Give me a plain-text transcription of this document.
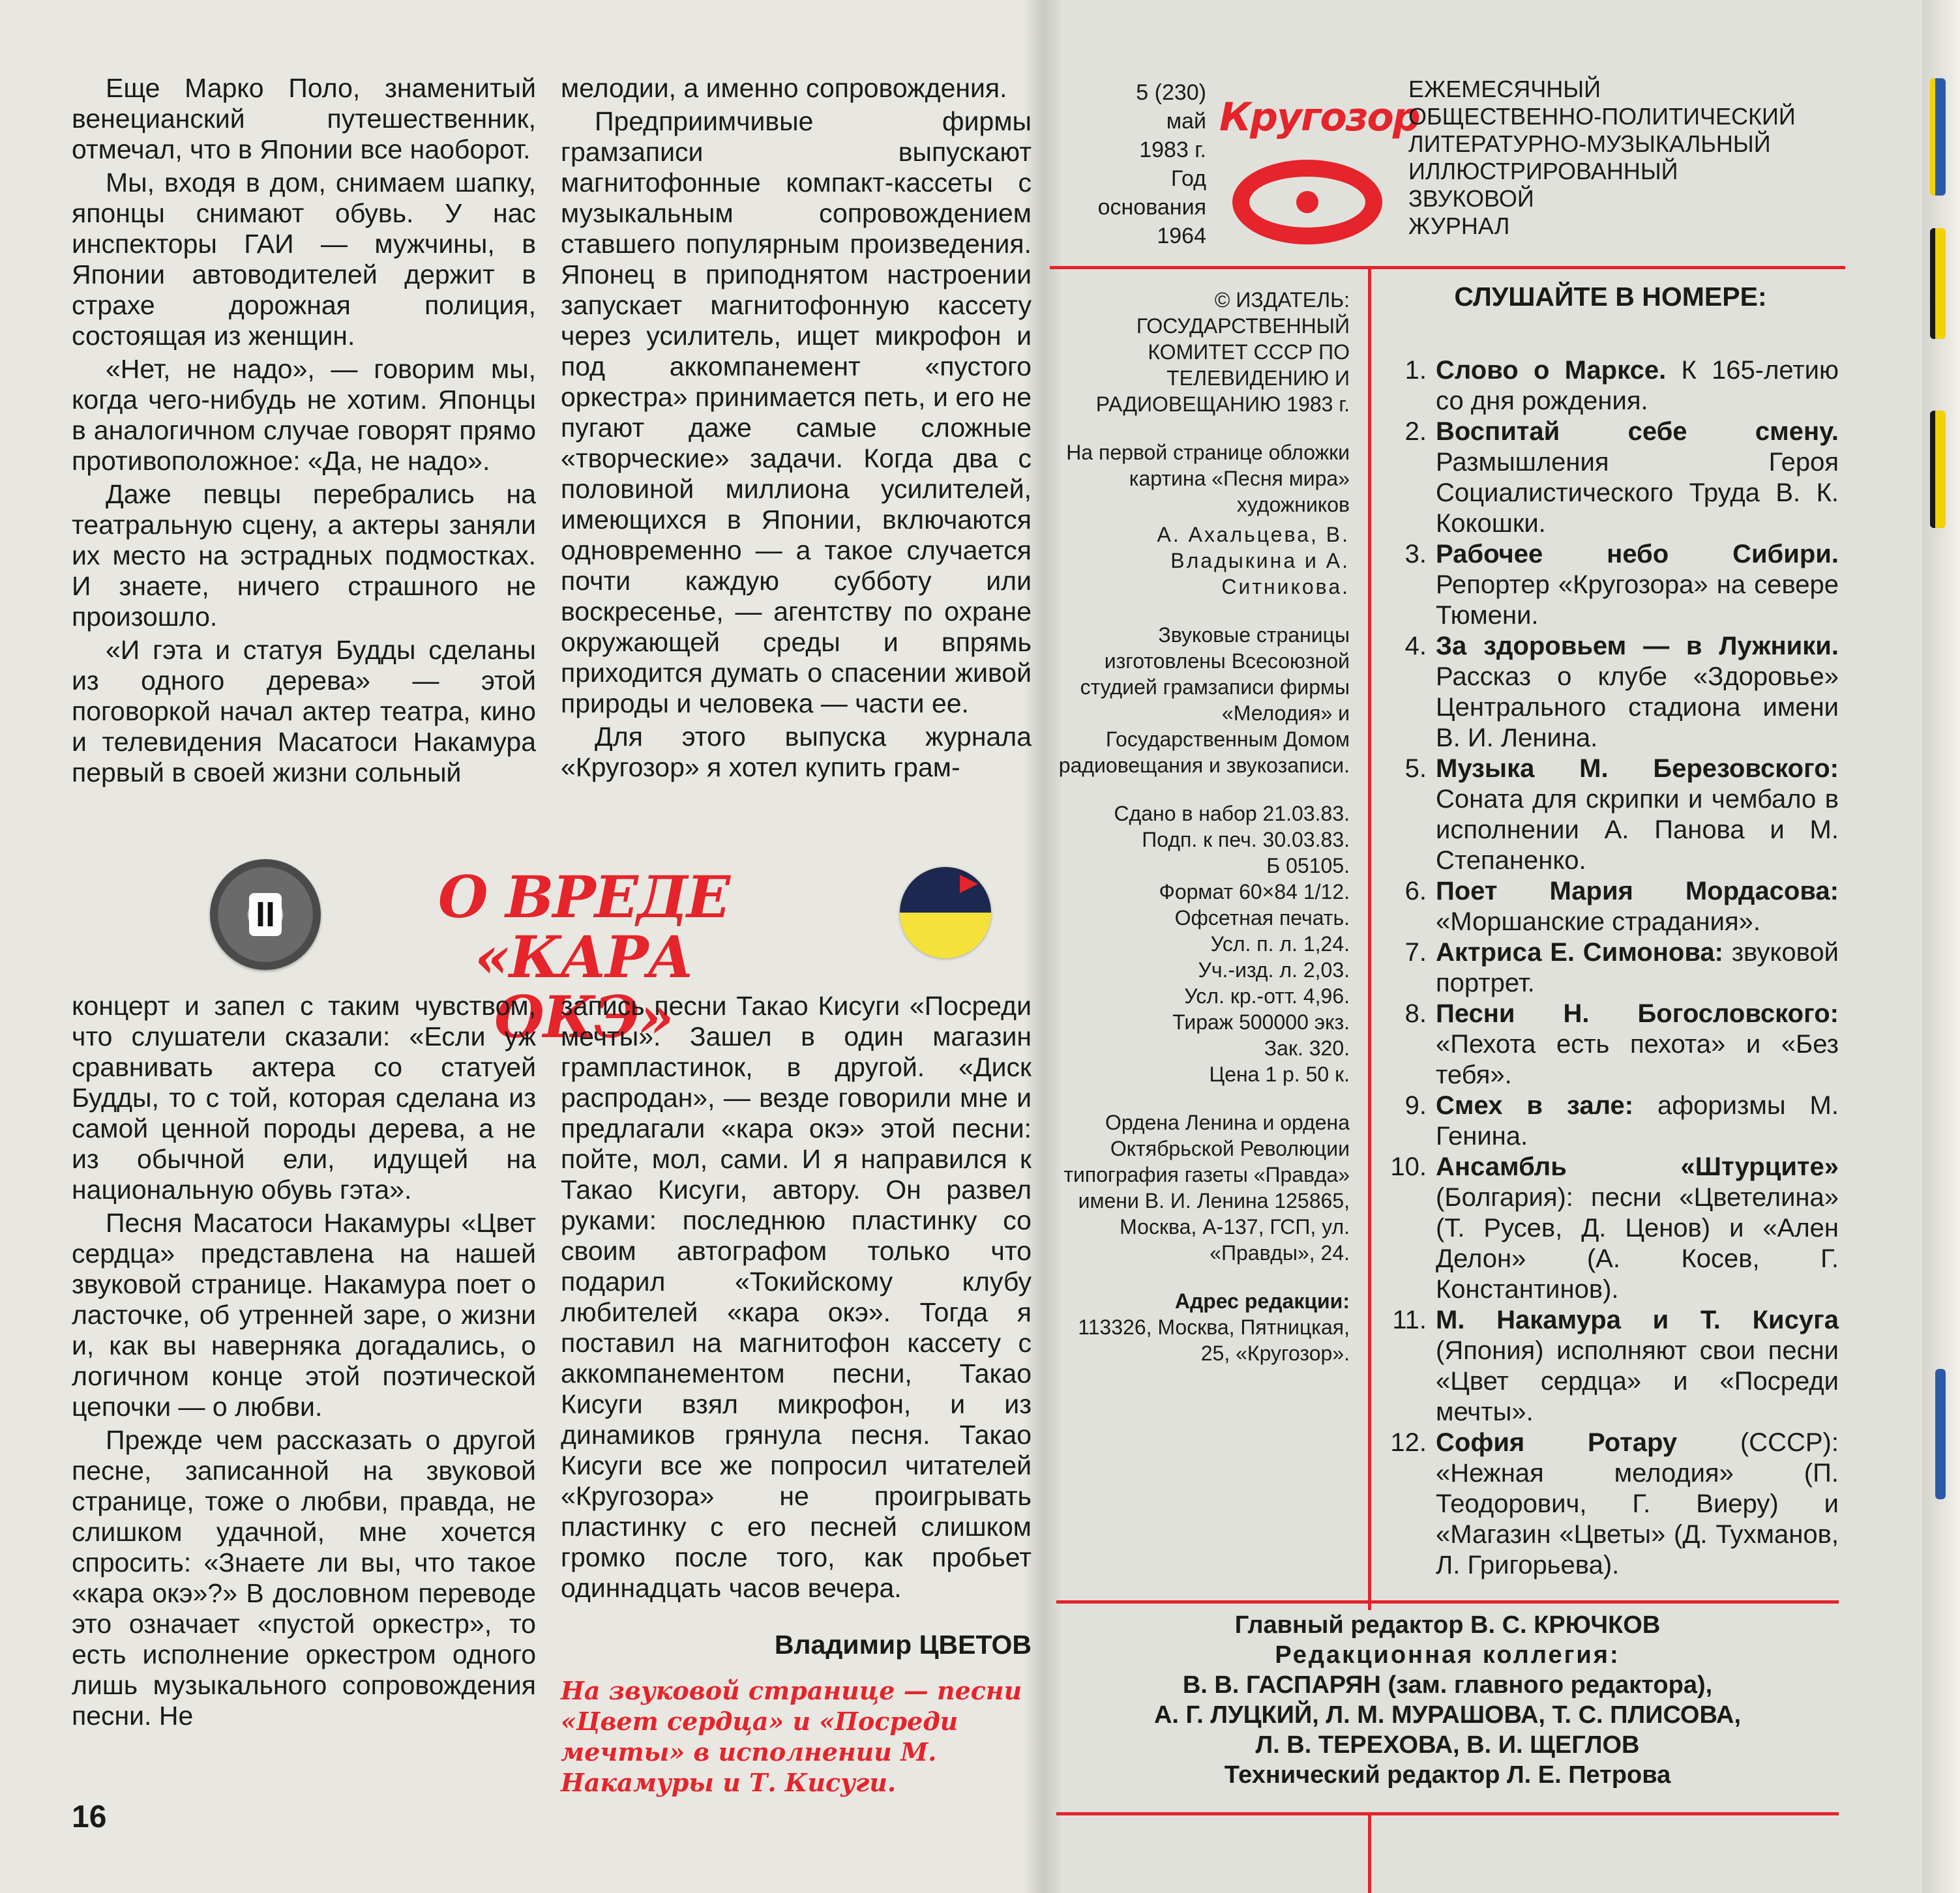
Еще Марко Поло, знаменитый венецианский путешественник, отмечал, что в Японии все наоборот.

Мы, входя в дом, снимаем шапку, японцы снимают обувь. У нас инспекторы ГАИ — мужчины, в Японии автоводителей держит в страхе дорожная полиция, состоящая из женщин.

«Нет, не надо», — говорим мы, когда чего-нибудь не хотим. Японцы в аналогичном случае говорят прямо противоположное: «Да, не надо».

Даже певцы перебрались на театральную сцену, а актеры заняли их место на эстрадных подмостках. И знаете, ничего страшного не произошло.

«И гэта и статуя Будды сделаны из одного дерева» — этой поговоркой начал актер театра, кино и телевидения Масатоси Накамура первый в своей жизни сольный

мелодии, а именно сопровождения.

Предприимчивые фирмы грамзаписи выпускают магнитофонные компакт-кассеты с музыкальным сопровождением ставшего популярным произведения. Японец в приподнятом настроении запускает магнитофонную кассету через усилитель, ищет микрофон и под аккомпанемент «пустого оркестра» принимается петь, и его не пугают даже самые сложные «творческие» задачи. Когда два с половиной миллиона усилителей, имеющихся в Японии, включаются одновременно — а такое случается почти каждую субботу или воскресенье, — агентству по охране окружающей среды и впрямь приходится думать о спасении живой природы и человека — части ее.

Для этого выпуска журнала «Кругозор» я хотел купить грам-

II	О ВРЕДЕ
«КАРА ОКЭ»

концерт и запел с таким чувством, что слушатели сказали: «Если уж сравнивать актера со статуей Будды, то с той, которая сделана из самой ценной породы дерева, а не из обычной ели, идущей на национальную обувь гэта».

Песня Масатоси Накамуры «Цвет сердца» представлена на нашей звуковой странице. Накамура поет о ласточке, об утренней заре, о жизни и, как вы наверняка догадались, о логичном конце этой поэтической цепочки — о любви.

Прежде чем рассказать о другой песне, записанной на звуковой странице, тоже о любви, правда, не слишком удачной, мне хочется спросить: «Знаете ли вы, что такое «кара окэ»?» В дословном переводе это означает «пустой оркестр», то есть исполнение оркестром одного лишь музыкального сопровождения песни. Не

запись песни Такао Кисуги «Посреди мечты». Зашел в один магазин грампластинок, в другой. «Диск распродан», — везде говорили мне и предлагали «кара окэ» этой песни: пойте, мол, сами. И я направился к Такао Кисуги, автору. Он развел руками: последнюю пластинку со своим автографом только что подарил «Токийскому клубу любителей «кара окэ». Тогда я поставил на магнитофон кассету с аккомпанементом песни, Такао Кисуги взял микрофон, и из динамиков грянула песня. Такао Кисуги все же попросил читателей «Кругозора» не проигрывать пластинку с его песней слишком громко после того, как пробьет одиннадцать часов вечера.

Владимир ЦВЕТОВ
На звуковой странице — песни «Цвет сердца» и «Посреди мечты» в исполнении М. Накамуры и Т. Кисуги.
16
5 (230)
май
1983 г.
Год
основания
1964
Кругозор
ЕЖЕМЕСЯЧНЫЙ
ОБЩЕСТВЕННО-ПОЛИТИЧЕСКИЙ
ЛИТЕРАТУРНО-МУЗЫКАЛЬНЫЙ
ИЛЛЮСТРИРОВАННЫЙ
ЗВУКОВОЙ
ЖУРНАЛ

© ИЗДАТЕЛЬ: ГОСУДАРСТВЕННЫЙ КОМИТЕТ СССР ПО ТЕЛЕВИДЕНИЮ И РАДИОВЕЩАНИЮ 1983 г.

На первой странице обложки картина «Песня мира» художников

А. Ахальцева, В. Владыкина и А. Ситникова.

Звуковые страницы изготовлены Всесоюзной студией грамзаписи фирмы «Мелодия» и Государственным Домом радиовещания и звукозаписи.

Сдано в набор 21.03.83.
Подп. к печ. 30.03.83.
Б 05105.
Формат 60×84 1/12.
Офсетная печать.
Усл. п. л. 1,24.
Уч.-изд. л. 2,03.
Усл. кр.-отт. 4,96.
Тираж 500000 экз.
Зак. 320.
Цена 1 р. 50 к.

Ордена Ленина и ордена Октябрьской Революции типография газеты «Правда» имени В. И. Ленина 125865, Москва, А-137, ГСП, ул. «Правды», 24.

Адрес редакции:

113326, Москва, Пятницкая, 25, «Кругозор».

СЛУШАЙТЕ В НОМЕРЕ:
1. Слово о Марксе. К 165-летию со дня рождения.
2. Воспитай себе смену. Размышления Героя Социалистического Труда В. К. Кокошки.
3. Рабочее небо Сибири. Репортер «Кругозора» на севере Тюмени.
4. За здоровьем — в Лужники. Рассказ о клубе «Здоровье» Центрального стадиона имени В. И. Ленина.
5. Музыка М. Березовского: Соната для скрипки и чембало в исполнении А. Панова и М. Степаненко.
6. Поет Мария Мордасова: «Моршанские страдания».
7. Актриса Е. Симонова: звуковой портрет.
8. Песни Н. Богословского: «Пехота есть пехота» и «Без тебя».
9. Смех в зале: афоризмы М. Генина.
10. Ансамбль «Штурците» (Болгария): песни «Цветелина» (Т. Русев, Д. Ценов) и «Ален Делон» (А. Косев, Г. Константинов).
11. М. Накамура и Т. Кисуга (Япония) исполняют свои песни «Цвет сердца» и «Посреди мечты».
12. София Ротару (СССР): «Нежная мелодия» (П. Теодорович, Г. Виеру) и «Магазин «Цветы» (Д. Тухманов, Л. Григорьева).
Главный редактор В. С. КРЮЧКОВ
Редакционная коллегия:
В. В. ГАСПАРЯН (зам. главного редактора),
А. Г. ЛУЦКИЙ, Л. М. МУРАШОВА, Т. С. ПЛИСОВА,
Л. В. ТЕРЕХОВА, В. И. ЩЕГЛОВ
Технический редактор Л. Е. Петрова
